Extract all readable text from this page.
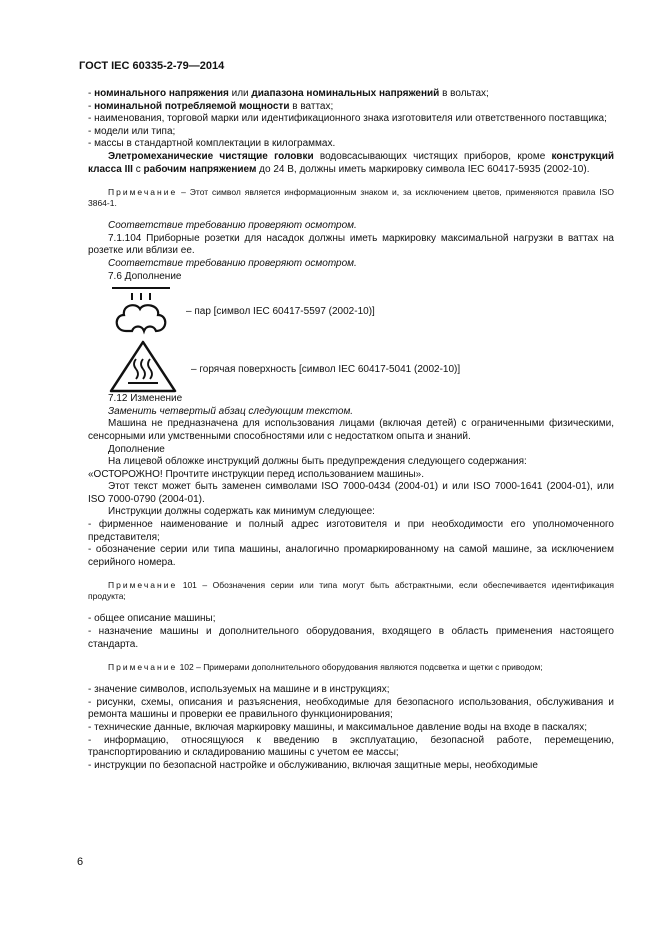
ГОСТ IEC 60335-2-79—2014

- номинального напряжения или диапазона номинальных напряжений в вольтах;

- номинальной потребляемой мощности в ваттах;

- наименования, торговой марки или идентификационного знака изготовителя или ответственного поставщика;

- модели или типа;

- массы в стандартной комплектации в килограммах.

Элетромеханические чистящие головки водовсасывающих чистящих приборов, кроме конструкций класса III с рабочим напряжением до 24 В, должны иметь маркировку символа IEC 60417-5935 (2002-10).

Примечание – Этот символ является информационным знаком и, за исключением цветов, применяются правила ISO 3864-1.

Соответствие требованию проверяют осмотром.

7.1.104 Приборные розетки для насадок должны иметь маркировку максимальной нагрузки в ваттах на розетке или вблизи ее.

Соответствие требованию проверяют осмотром.

7.6 Дополнение

– пар [символ IEC 60417-5597 (2002-10)]
– горячая поверхность [символ IEC 60417-5041 (2002-10)]

7.12 Изменение

Заменить четвертый абзац следующим текстом.

Машина не предназначена для использования лицами (включая детей) с ограниченными физическими, сенсорными или умственными способностями или с недостатком опыта и знаний.

Дополнение

На лицевой обложке инструкций должны быть предупреждения следующего содержания:

«ОСТОРОЖНО! Прочтите инструкции перед использованием машины».

Этот текст может быть заменен символами ISO 7000-0434 (2004-01) и или ISO 7000-1641 (2004-01), или ISO 7000-0790 (2004-01).

Инструкции должны содержать как минимум следующее:

- фирменное наименование и полный адрес изготовителя и при необходимости его уполномоченного представителя;

- обозначение серии или типа машины, аналогично промаркированному на самой машине, за исключением серийного номера.

Примечание 101 – Обозначения серии или типа могут быть абстрактными, если обеспечивается идентификация продукта;

- общее описание машины;

- назначение машины и дополнительного оборудования, входящего в область применения настоящего стандарта.

Примечание 102 – Примерами дополнительного оборудования являются подсветка и щетки с приводом;

- значение символов, используемых на машине и в инструкциях;

- рисунки, схемы, описания и разъяснения, необходимые для безопасного использования, обслуживания и ремонта машины и проверки ее правильного функционирования;

- технические данные, включая маркировку машины, и максимальное давление воды на входе в паскалях;

- информацию, относящуюся к введению в эксплуатацию, безопасной работе, перемещению, транспортированию и складированию машины с учетом ее массы;

- инструкции по безопасной настройке и обслуживанию, включая защитные меры, необходимые

6
